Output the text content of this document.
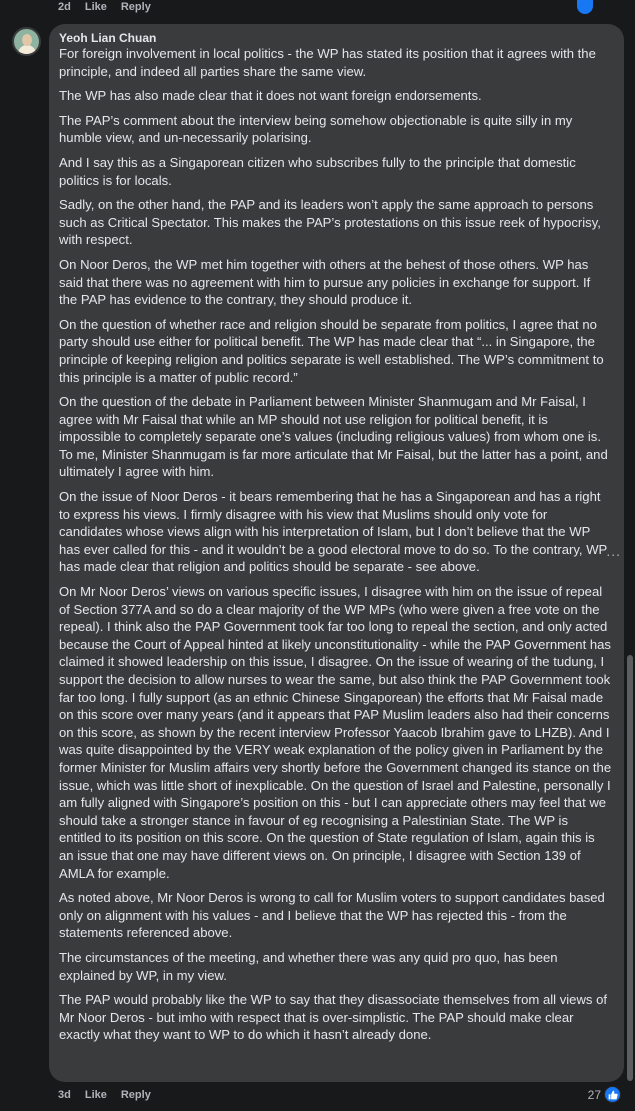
2d Like Reply
Yeoh Lian Chuan

For foreign involvement in local politics - the WP has stated its position that it agrees with the principle, and indeed all parties share the same view.

The WP has also made clear that it does not want foreign endorsements.

The PAP’s comment about the interview being somehow objectionable is quite silly in my humble view, and un-necessarily polarising.

And I say this as a Singaporean citizen who subscribes fully to the principle that domestic politics is for locals.

Sadly, on the other hand, the PAP and its leaders won’t apply the same approach to persons such as Critical Spectator. This makes the PAP’s protestations on this issue reek of hypocrisy, with respect.

On Noor Deros, the WP met him together with others at the behest of those others. WP has said that there was no agreement with him to pursue any policies in exchange for support. If the PAP has evidence to the contrary, they should produce it.

On the question of whether race and religion should be separate from politics, I agree that no party should use either for political benefit. The WP has made clear that “... in Singapore, the principle of keeping religion and politics separate is well established. The WP’s commitment to this principle is a matter of public record.”

On the question of the debate in Parliament between Minister Shanmugam and Mr Faisal, I agree with Mr Faisal that while an MP should not use religion for political benefit, it is impossible to completely separate one’s values (including religious values) from whom one is. To me, Minister Shanmugam is far more articulate that Mr Faisal, but the latter has a point, and ultimately I agree with him.

On the issue of Noor Deros - it bears remembering that he has a Singaporean and has a right to express his views. I firmly disagree with his view that Muslims should only vote for candidates whose views align with his interpretation of Islam, but I don’t believe that the WP has ever called for this - and it wouldn’t be a good electoral move to do so. To the contrary, WP has made clear that religion and politics should be separate - see above.

On Mr Noor Deros’ views on various specific issues, I disagree with him on the issue of repeal of Section 377A and so do a clear majority of the WP MPs (who were given a free vote on the repeal). I think also the PAP Government took far too long to repeal the section, and only acted because the Court of Appeal hinted at likely unconstitutionality - while the PAP Government has claimed it showed leadership on this issue, I disagree. On the issue of wearing of the tudung, I support the decision to allow nurses to wear the same, but also think the PAP Government took far too long. I fully support (as an ethnic Chinese Singaporean) the efforts that Mr Faisal made on this score over many years (and it appears that PAP Muslim leaders also had their concerns on this score, as shown by the recent interview Professor Yaacob Ibrahim gave to LHZB). And I was quite disappointed by the VERY weak explanation of the policy given in Parliament by the former Minister for Muslim affairs very shortly before the Government changed its stance on the issue, which was little short of inexplicable. On the question of Israel and Palestine, personally I am fully aligned with Singapore’s position on this - but I can appreciate others may feel that we should take a stronger stance in favour of eg recognising a Palestinian State. The WP is entitled to its position on this score. On the question of State regulation of Islam, again this is an issue that one may have different views on. On principle, I disagree with Section 139 of AMLA for example.

As noted above, Mr Noor Deros is wrong to call for Muslim voters to support candidates based only on alignment with his values - and I believe that the WP has rejected this - from the statements referenced above.

The circumstances of the meeting, and whether there was any quid pro quo, has been explained by WP, in my view.

The PAP would probably like the WP to say that they disassociate themselves from all views of Mr Noor Deros - but imho with respect that is over-simplistic. The PAP should make clear exactly what they want to WP to do which it hasn’t already done.

...
3d Like Reply	27
